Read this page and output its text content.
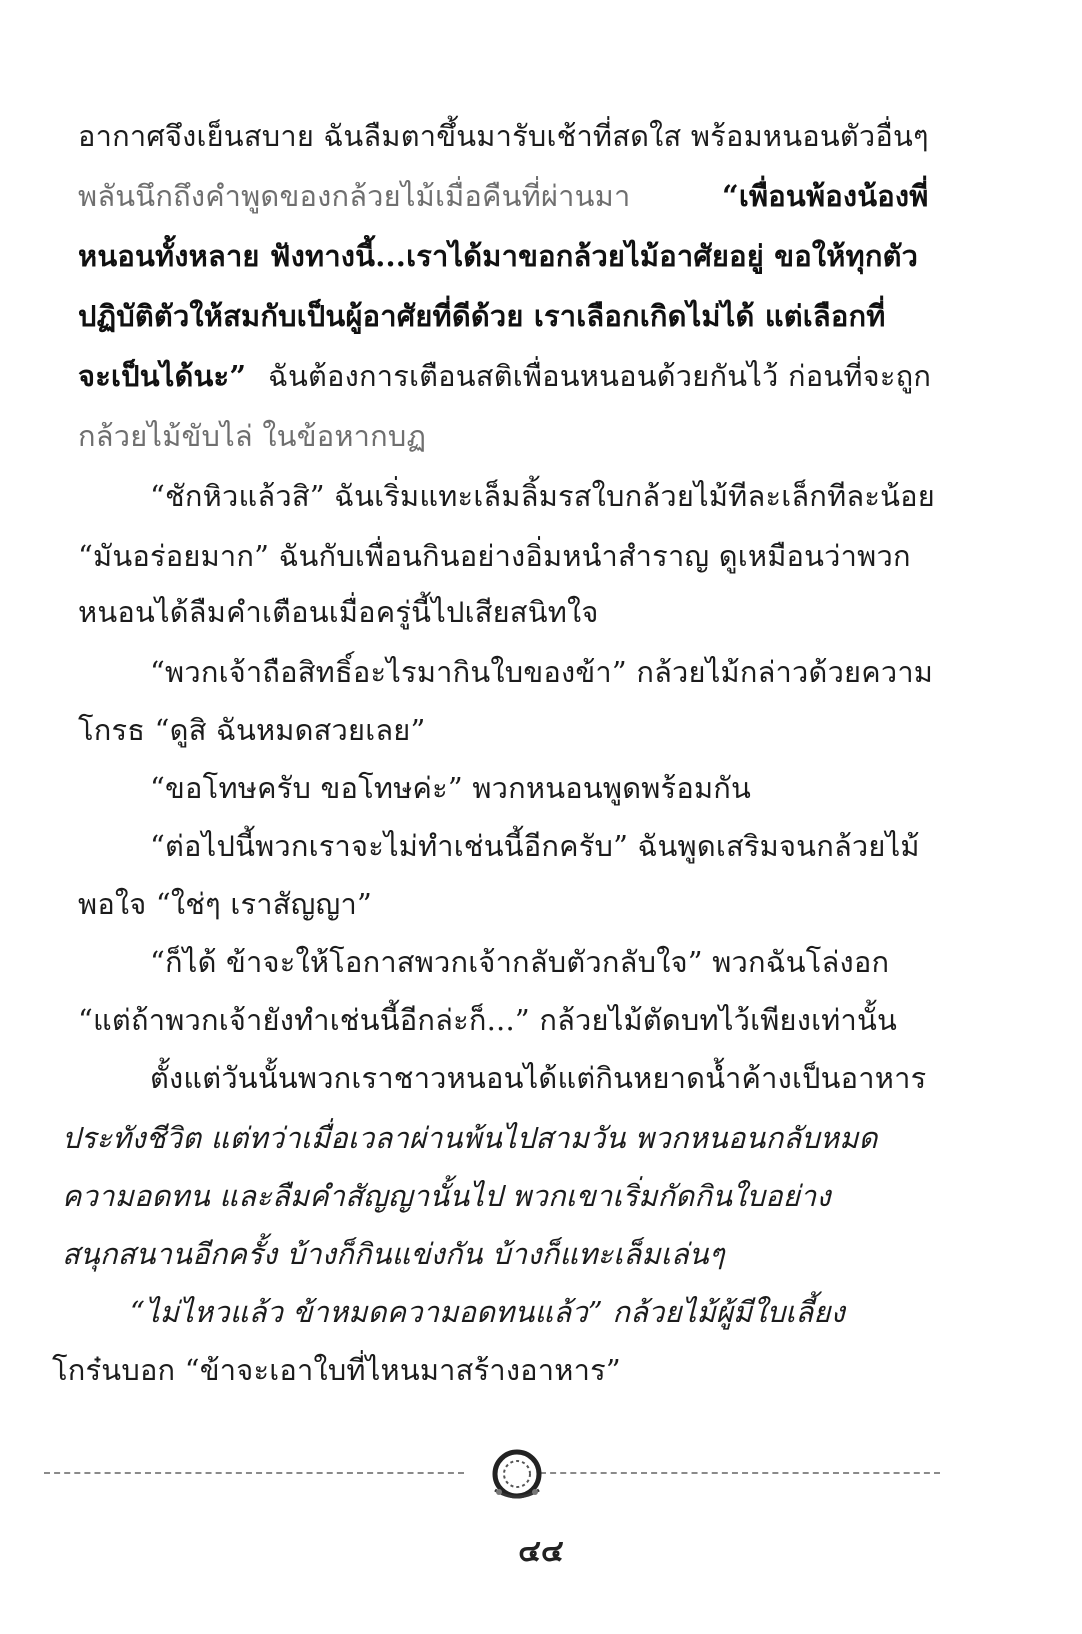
อากาศจึงเย็นสบาย ฉันลืมตาขึ้นมารับเช้าที่สดใส พร้อมหนอนตัวอื่นๆ
พลันนึกถึงคำพูดของกล้วยไม้เมื่อคืนที่ผ่านมา	“เพื่อนพ้องน้องพี่
หนอนทั้งหลาย ฟังทางนี้...เราได้มาขอกล้วยไม้อาศัยอยู่ ขอให้ทุกตัว
ปฏิบัติตัวให้สมกับเป็นผู้อาศัยที่ดีด้วย เราเลือกเกิดไม่ได้ แต่เลือกที่
จะเป็นได้นะ” ฉันต้องการเตือนสติเพื่อนหนอนด้วยกันไว้ ก่อนที่จะถูก
กล้วยไม้ขับไล่ ในข้อหากบฏ
“ชักหิวแล้วสิ” ฉันเริ่มแทะเล็มลิ้มรสใบกล้วยไม้ทีละเล็กทีละน้อย
“มันอร่อยมาก” ฉันกับเพื่อนกินอย่างอิ่มหนำสำราญ ดูเหมือนว่าพวก
หนอนได้ลืมคำเตือนเมื่อครู่นี้ไปเสียสนิทใจ
“พวกเจ้าถือสิทธิ์อะไรมากินใบของข้า” กล้วยไม้กล่าวด้วยความ
โกรธ “ดูสิ ฉันหมดสวยเลย”
“ขอโทษครับ ขอโทษค่ะ” พวกหนอนพูดพร้อมกัน
“ต่อไปนี้พวกเราจะไม่ทำเช่นนี้อีกครับ” ฉันพูดเสริมจนกล้วยไม้
พอใจ “ใช่ๆ เราสัญญา”
“ก็ได้ ข้าจะให้โอกาสพวกเจ้ากลับตัวกลับใจ” พวกฉันโล่งอก
“แต่ถ้าพวกเจ้ายังทำเช่นนี้อีกล่ะก็...” กล้วยไม้ตัดบทไว้เพียงเท่านั้น
ตั้งแต่วันนั้นพวกเราชาวหนอนได้แต่กินหยาดน้ำค้างเป็นอาหาร
ประทังชีวิต แต่ทว่าเมื่อเวลาผ่านพ้นไปสามวัน พวกหนอนกลับหมด
ความอดทน และลืมคำสัญญานั้นไป พวกเขาเริ่มกัดกินใบอย่าง
สนุกสนานอีกครั้ง บ้างก็กินแข่งกัน บ้างก็แทะเล็มเล่นๆ
“ไม่ไหวแล้ว ข้าหมดความอดทนแล้ว” กล้วยไม้ผู้มีใบเลี้ยง
โกร๋นบอก “ข้าจะเอาใบที่ไหนมาสร้างอาหาร”
๔๔
